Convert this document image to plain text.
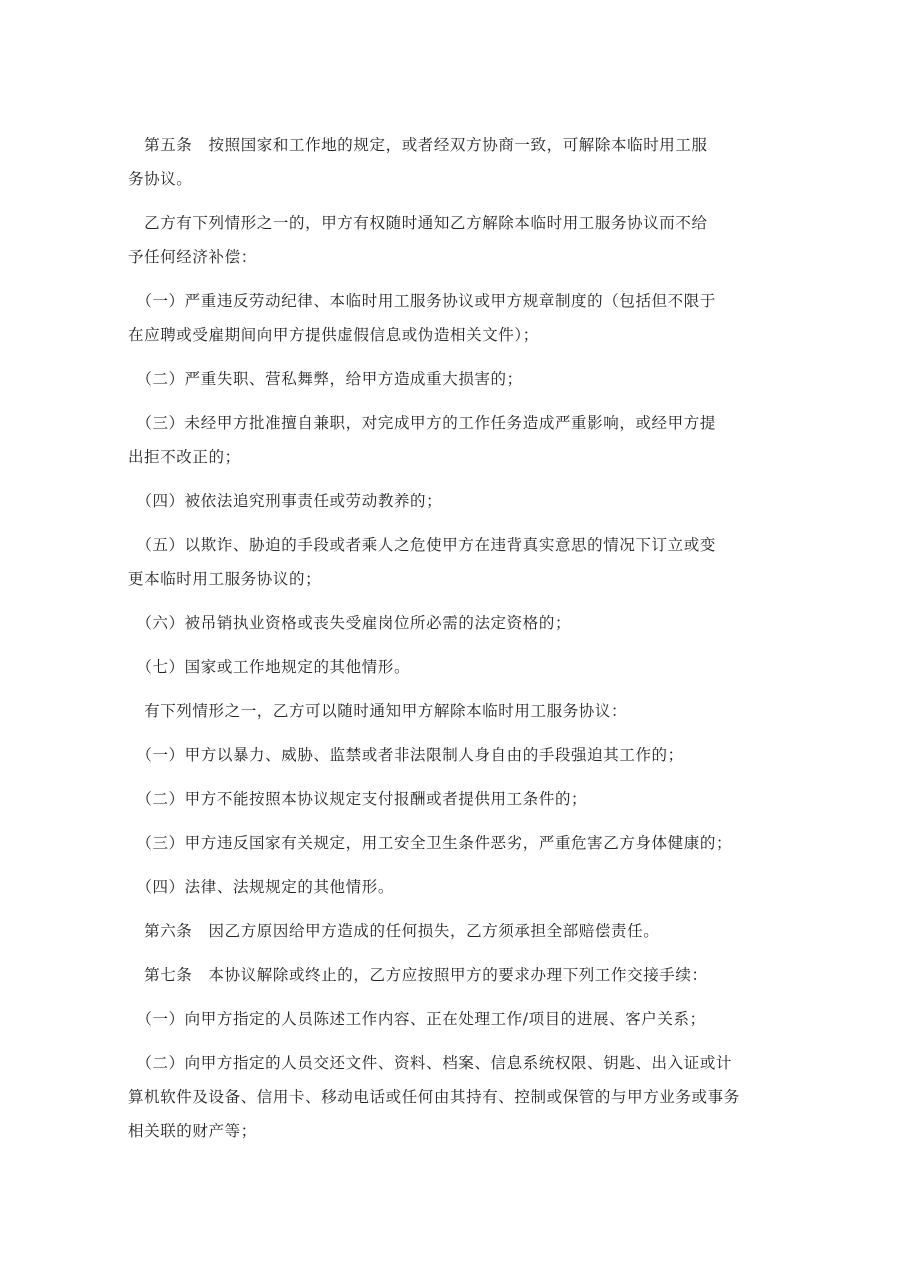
　第五条　按照国家和工作地的规定，或者经双方协商一致，可解除本临时用工服
务协议。

　乙方有下列情形之一的，甲方有权随时通知乙方解除本临时用工服务协议而不给
予任何经济补偿：

　（一）严重违反劳动纪律、本临时用工服务协议或甲方规章制度的（包括但不限于
在应聘或受雇期间向甲方提供虚假信息或伪造相关文件）；

　（二）严重失职、营私舞弊，给甲方造成重大损害的；

　（三）未经甲方批准擅自兼职，对完成甲方的工作任务造成严重影响，或经甲方提
出拒不改正的；

　（四）被依法追究刑事责任或劳动教养的；

　（五）以欺诈、胁迫的手段或者乘人之危使甲方在违背真实意思的情况下订立或变
更本临时用工服务协议的；

　（六）被吊销执业资格或丧失受雇岗位所必需的法定资格的；

　（七）国家或工作地规定的其他情形。

　有下列情形之一，乙方可以随时通知甲方解除本临时用工服务协议：

　（一）甲方以暴力、威胁、监禁或者非法限制人身自由的手段强迫其工作的；

　（二）甲方不能按照本协议规定支付报酬或者提供用工条件的；

　（三）甲方违反国家有关规定，用工安全卫生条件恶劣，严重危害乙方身体健康的；

　（四）法律、法规规定的其他情形。

　第六条　因乙方原因给甲方造成的任何损失，乙方须承担全部赔偿责任。

　第七条　本协议解除或终止的，乙方应按照甲方的要求办理下列工作交接手续：

　（一）向甲方指定的人员陈述工作内容、正在处理工作/项目的进展、客户关系；

　（二）向甲方指定的人员交还文件、资料、档案、信息系统权限、钥匙、出入证或计
算机软件及设备、信用卡、移动电话或任何由其持有、控制或保管的与甲方业务或事务
相关联的财产等；
